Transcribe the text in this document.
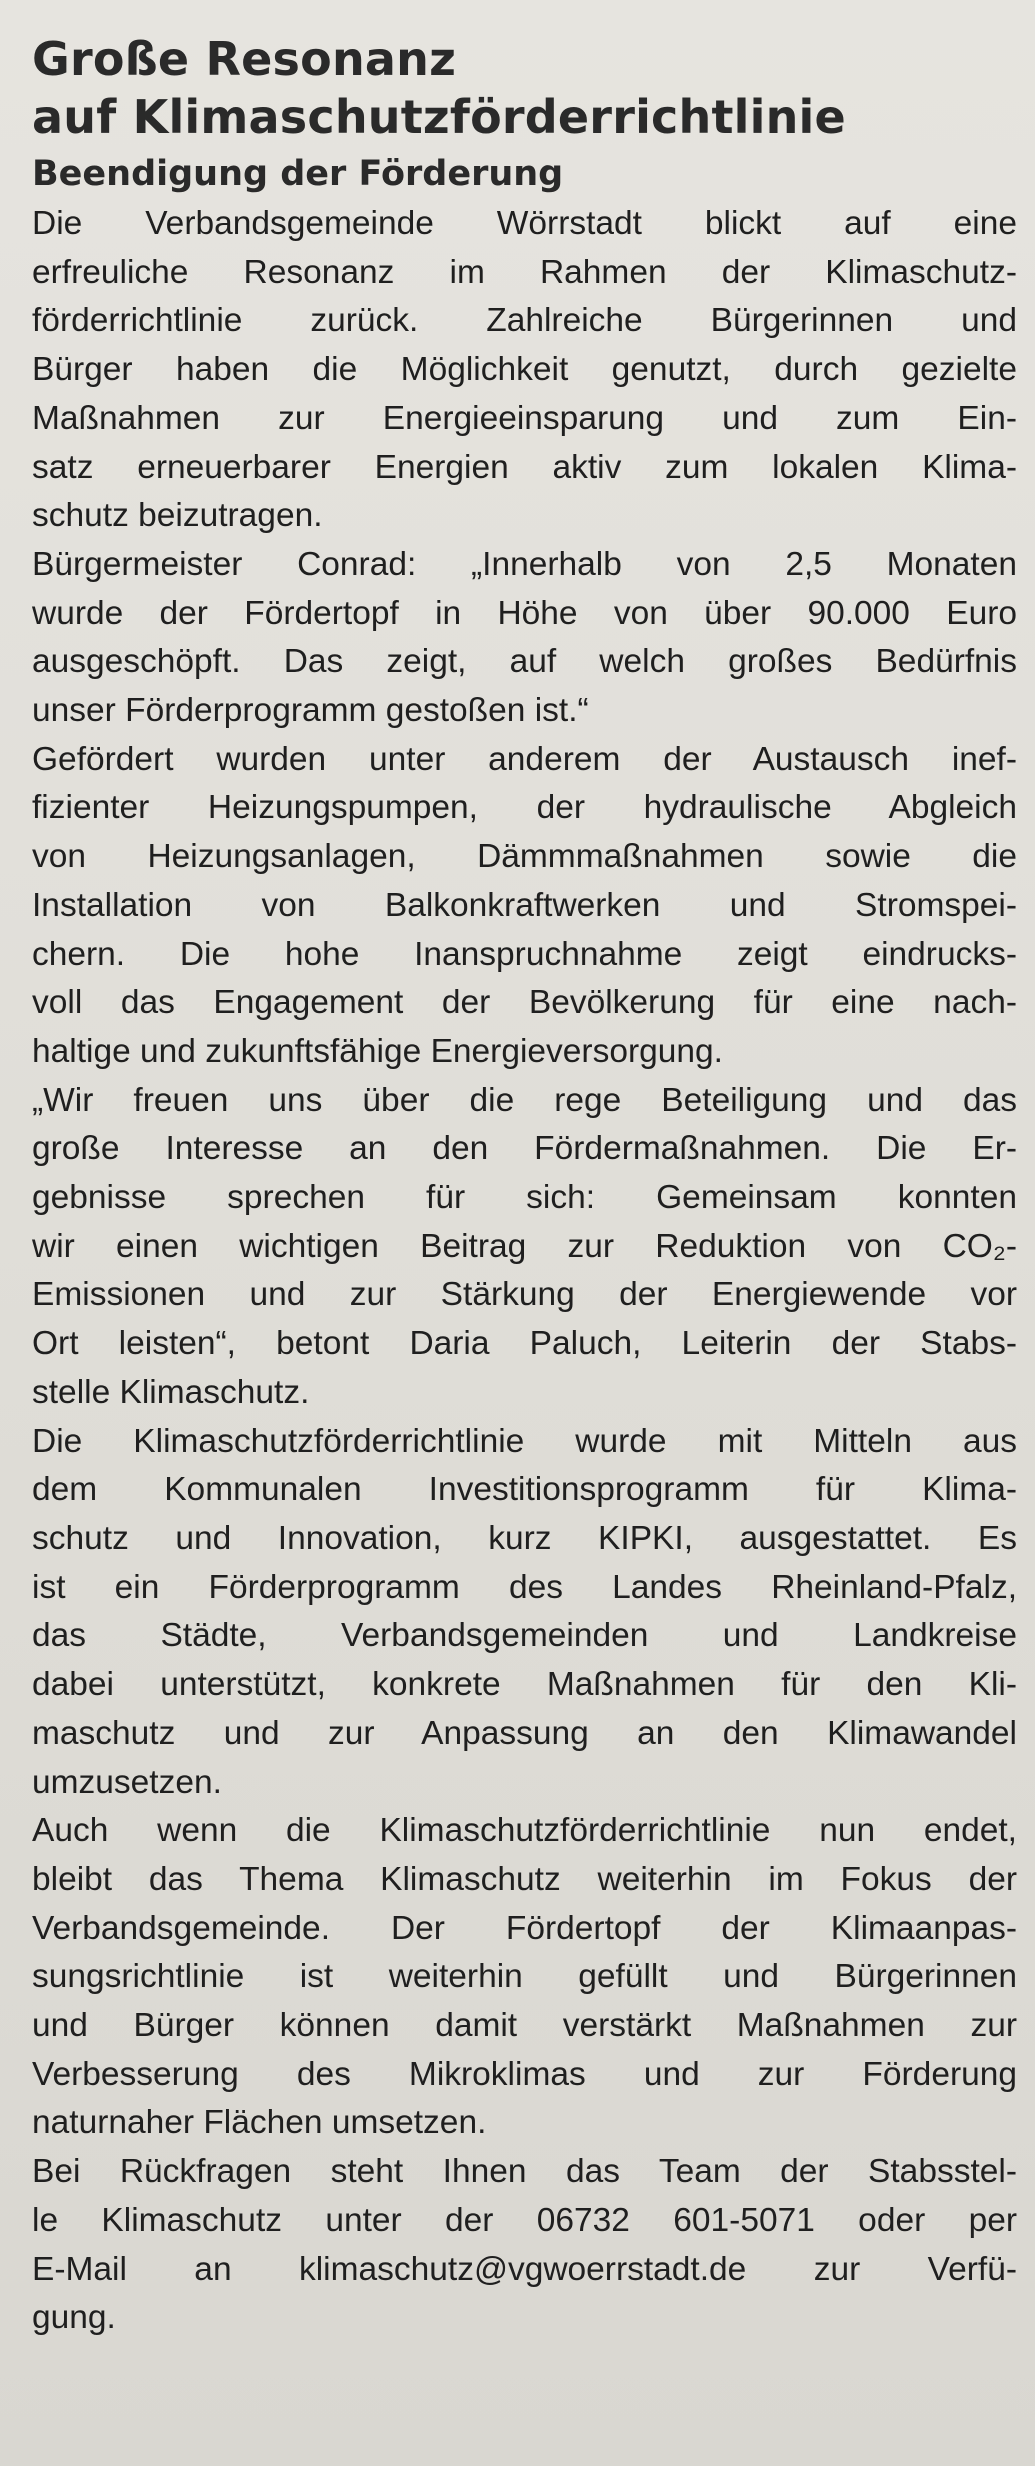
Große Resonanz
auf Klimaschutzförderrichtlinie
Beendigung der Förderung

Die Verbandsgemeinde Wörrstadt blickt auf eine
erfreuliche Resonanz im Rahmen der Klimaschutz-
förderrichtlinie zurück. Zahlreiche Bürgerinnen und
Bürger haben die Möglichkeit genutzt, durch gezielte
Maßnahmen zur Energieeinsparung und zum Ein-
satz erneuerbarer Energien aktiv zum lokalen Klima-
schutz beizutragen.

Bürgermeister Conrad: „Innerhalb von 2,5 Monaten
wurde der Fördertopf in Höhe von über 90.000 Euro
ausgeschöpft. Das zeigt, auf welch großes Bedürfnis
unser Förderprogramm gestoßen ist.“

Gefördert wurden unter anderem der Austausch inef-
fizienter Heizungspumpen, der hydraulische Abgleich
von Heizungsanlagen, Dämmmaßnahmen sowie die
Installation von Balkonkraftwerken und Stromspei-
chern. Die hohe Inanspruchnahme zeigt eindrucks-
voll das Engagement der Bevölkerung für eine nach-
haltige und zukunftsfähige Energieversorgung.

„Wir freuen uns über die rege Beteiligung und das
große Interesse an den Fördermaßnahmen. Die Er-
gebnisse sprechen für sich: Gemeinsam konnten
wir einen wichtigen Beitrag zur Reduktion von CO₂-
Emissionen und zur Stärkung der Energiewende vor
Ort leisten“, betont Daria Paluch, Leiterin der Stabs-
stelle Klimaschutz.

Die Klimaschutzförderrichtlinie wurde mit Mitteln aus
dem Kommunalen Investitionsprogramm für Klima-
schutz und Innovation, kurz KIPKI, ausgestattet. Es
ist ein Förderprogramm des Landes Rheinland-Pfalz,
das Städte, Verbandsgemeinden und Landkreise
dabei unterstützt, konkrete Maßnahmen für den Kli-
maschutz und zur Anpassung an den Klimawandel
umzusetzen.

Auch wenn die Klimaschutzförderrichtlinie nun endet,
bleibt das Thema Klimaschutz weiterhin im Fokus der
Verbandsgemeinde. Der Fördertopf der Klimaanpas-
sungsrichtlinie ist weiterhin gefüllt und Bürgerinnen
und Bürger können damit verstärkt Maßnahmen zur
Verbesserung des Mikroklimas und zur Förderung
naturnaher Flächen umsetzen.

Bei Rückfragen steht Ihnen das Team der Stabsstel-
le Klimaschutz unter der 06732 601-5071 oder per
E-Mail an klimaschutz@vgwoerrstadt.de zur Verfü-
gung.
